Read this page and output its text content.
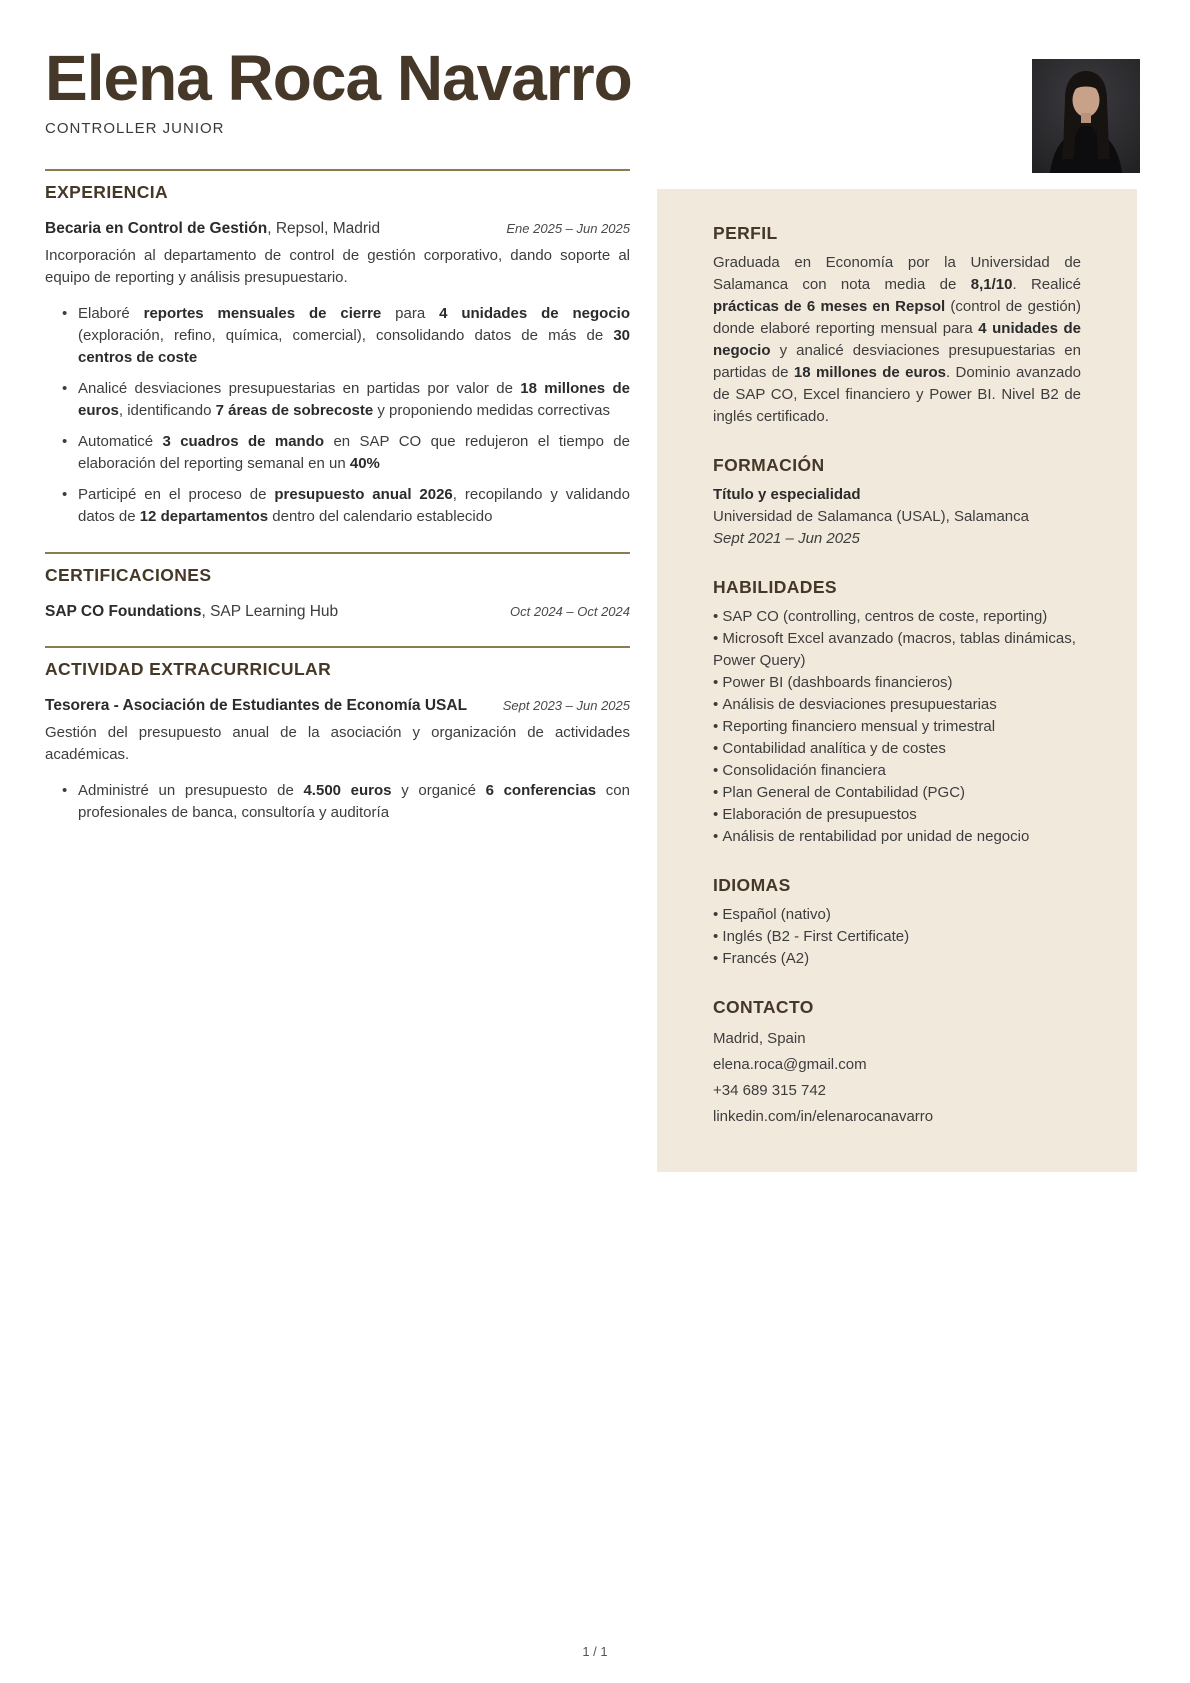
Elena Roca Navarro
CONTROLLER JUNIOR
EXPERIENCIA
Becaria en Control de Gestión, Repsol, Madrid	Ene 2025 – Jun 2025

Incorporación al departamento de control de gestión corporativo, dando soporte al equipo de reporting y análisis presupuestario.

• Elaboré reportes mensuales de cierre para 4 unidades de negocio (exploración, refino, química, comercial), consolidando datos de más de 30 centros de coste
• Analicé desviaciones presupuestarias en partidas por valor de 18 millones de euros, identificando 7 áreas de sobrecoste y proponiendo medidas correctivas
• Automaticé 3 cuadros de mando en SAP CO que redujeron el tiempo de elaboración del reporting semanal en un 40%
• Participé en el proceso de presupuesto anual 2026, recopilando y validando datos de 12 departamentos dentro del calendario establecido
CERTIFICACIONES
SAP CO Foundations, SAP Learning Hub	Oct 2024 – Oct 2024
ACTIVIDAD EXTRACURRICULAR
Tesorera - Asociación de Estudiantes de Economía USAL	Sept 2023 – Jun 2025

Gestión del presupuesto anual de la asociación y organización de actividades académicas.

• Administré un presupuesto de 4.500 euros y organicé 6 conferencias con profesionales de banca, consultoría y auditoría
PERFIL

Graduada en Economía por la Universidad de Salamanca con nota media de 8,1/10. Realicé prácticas de 6 meses en Repsol (control de gestión) donde elaboré reporting mensual para 4 unidades de negocio y analicé desviaciones presupuestarias en partidas de 18 millones de euros. Dominio avanzado de SAP CO, Excel financiero y Power BI. Nivel B2 de inglés certificado.

FORMACIÓN
Título y especialidad
Universidad de Salamanca (USAL), Salamanca
Sept 2021 – Jun 2025
HABILIDADES
• SAP CO (controlling, centros de coste, reporting)
• Microsoft Excel avanzado (macros, tablas dinámicas, Power Query)
• Power BI (dashboards financieros)
• Análisis de desviaciones presupuestarias
• Reporting financiero mensual y trimestral
• Contabilidad analítica y de costes
• Consolidación financiera
• Plan General de Contabilidad (PGC)
• Elaboración de presupuestos
• Análisis de rentabilidad por unidad de negocio
IDIOMAS
• Español (nativo)
• Inglés (B2 - First Certificate)
• Francés (A2)
CONTACTO
Madrid, Spain
elena.roca@gmail.com
+34 689 315 742
linkedin.com/in/elenarocanavarro
1 / 1
